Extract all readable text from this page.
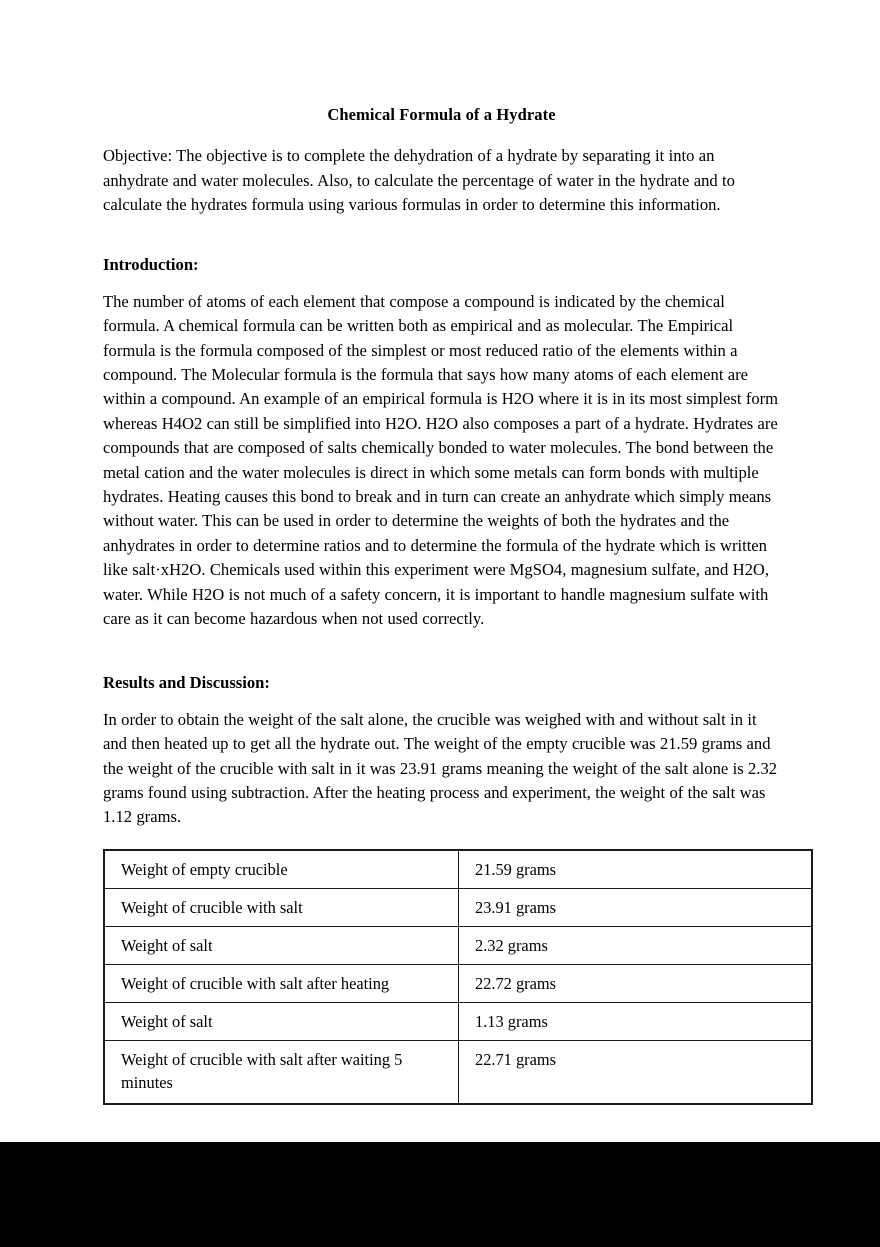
Chemical Formula of a Hydrate

Objective: The objective is to complete the dehydration of a hydrate by separating it into an anhydrate and water molecules. Also, to calculate the percentage of water in the hydrate and to calculate the hydrates formula using various formulas in order to determine this information.

Introduction:

The number of atoms of each element that compose a compound is indicated by the chemical formula. A chemical formula can be written both as empirical and as molecular. The Empirical formula is the formula composed of the simplest or most reduced ratio of the elements within a compound. The Molecular formula is the formula that says how many atoms of each element are within a compound. An example of an empirical formula is H2O where it is in its most simplest form whereas H4O2 can still be simplified into H2O. H2O also composes a part of a hydrate. Hydrates are compounds that are composed of salts chemically bonded to water molecules. The bond between the metal cation and the water molecules is direct in which some metals can form bonds with multiple hydrates. Heating causes this bond to break and in turn can create an anhydrate which simply means without water. This can be used in order to determine the weights of both the hydrates and the anhydrates in order to determine ratios and to determine the formula of the hydrate which is written like salt·xH2O. Chemicals used within this experiment were MgSO4, magnesium sulfate, and H2O, water. While H2O is not much of a safety concern, it is important to handle magnesium sulfate with care as it can become hazardous when not used correctly.

Results and Discussion:

In order to obtain the weight of the salt alone, the crucible was weighed with and without salt in it and then heated up to get all the hydrate out. The weight of the empty crucible was 21.59 grams and the weight of the crucible with salt in it was 23.91 grams meaning the weight of the salt alone is 2.32 grams found using subtraction. After the heating process and experiment, the weight of the salt was 1.12 grams.

Weight of empty crucible	21.59 grams
Weight of crucible with salt	23.91 grams
Weight of salt	2.32 grams
Weight of crucible with salt after heating	22.72 grams
Weight of salt	1.13 grams
Weight of crucible with salt after waiting 5 minutes	22.71 grams
